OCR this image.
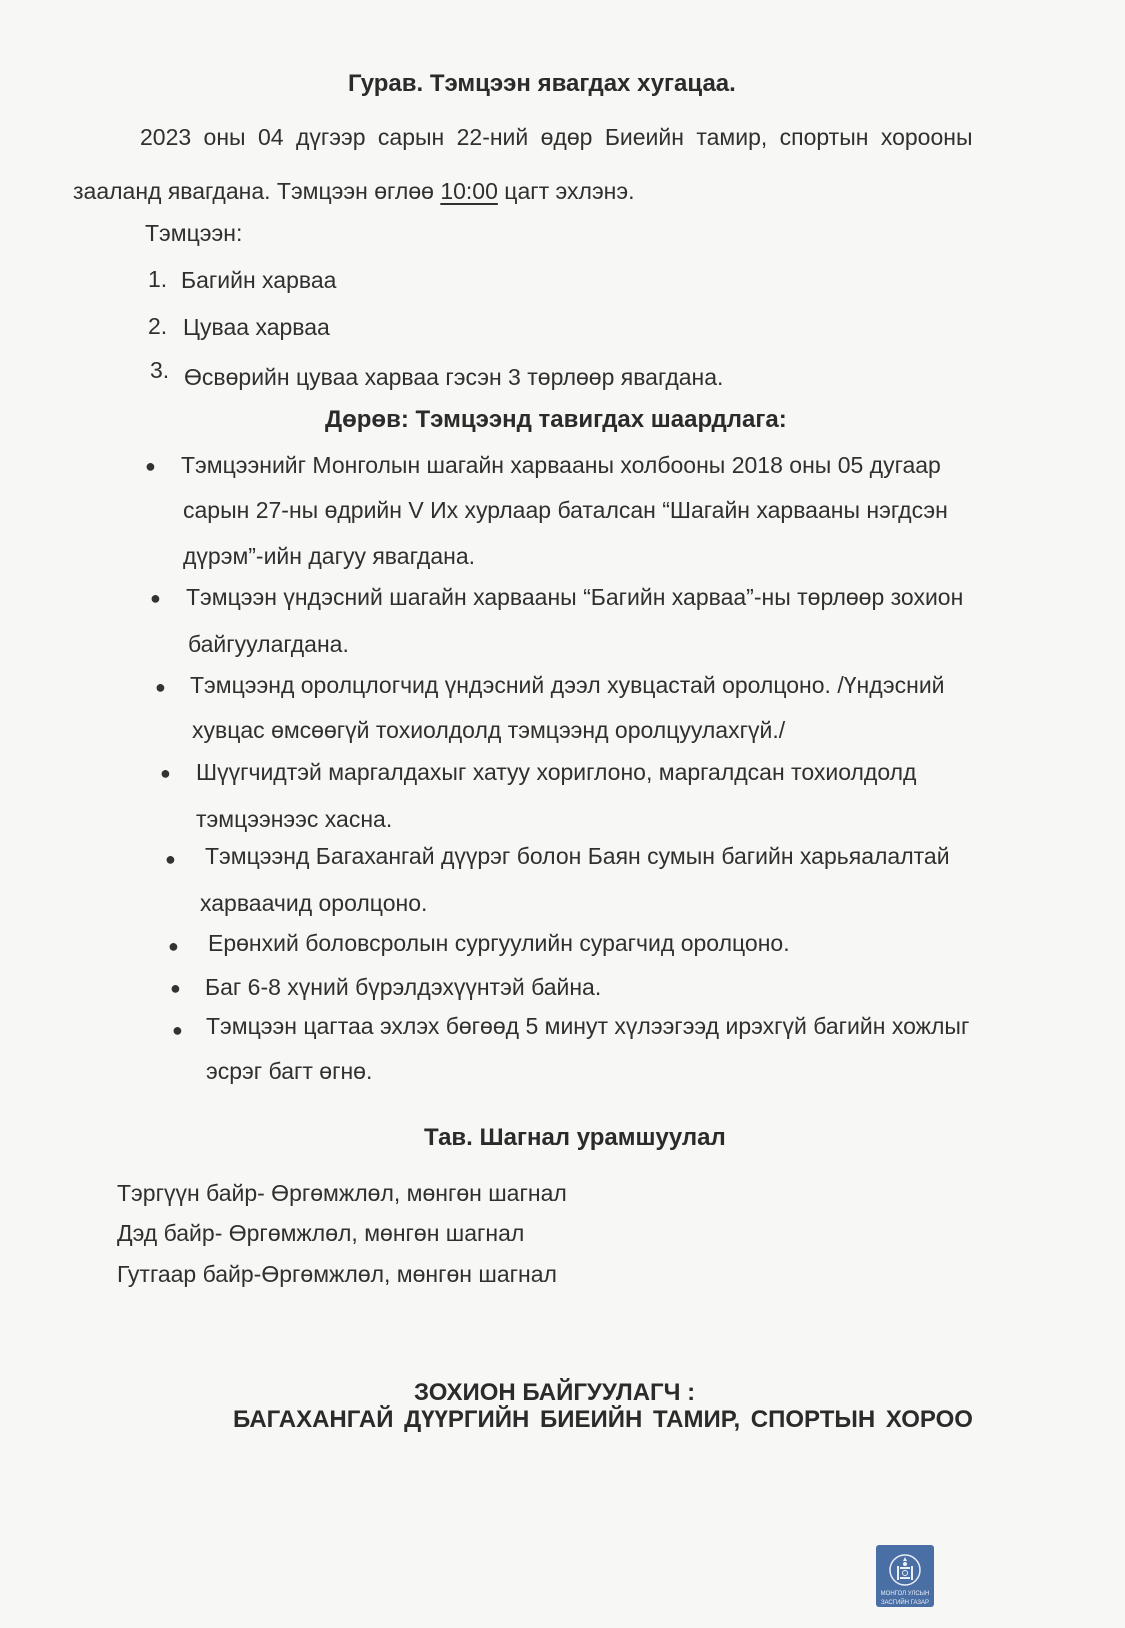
Гурав. Тэмцээн явагдах хугацаа.
2023 оны 04 дүгээр сарын 22-ний өдөр Биеийн тамир, спортын хорооны
зааланд явагдана. Тэмцээн өглөө 10:00 цагт эхлэнэ.
Тэмцээн:
1. Багийн харваа
2. Цуваа харваа
3. Өсвөрийн цуваа харваа гэсэн 3 төрлөөр явагдана.
Дөрөв: Тэмцээнд тавигдах шаардлага:
● Тэмцээнийг Монголын шагайн харвааны холбооны 2018 оны 05 дугаар
сарын 27-ны өдрийн V Их хурлаар баталсан “Шагайн харвааны нэгдсэн
дүрэм”-ийн дагуу явагдана.
● Тэмцээн үндэсний шагайн харвааны “Багийн харваа”-ны төрлөөр зохион
байгуулагдана.
● Тэмцээнд оролцлогчид үндэсний дээл хувцастай оролцоно. /Үндэсний
хувцас өмсөөгүй тохиолдолд тэмцээнд оролцуулахгүй./
● Шүүгчидтэй маргалдахыг хатуу хориглоно, маргалдсан тохиолдолд
тэмцээнээс хасна.
● Тэмцээнд Багахангай дүүрэг болон Баян сумын багийн харьяалалтай
харваачид оролцоно.
● Ерөнхий боловсролын сургуулийн сурагчид оролцоно.
● Баг 6-8 хүний бүрэлдэхүүнтэй байна.
● Тэмцээн цагтаа эхлэх бөгөөд 5 минут хүлээгээд ирэхгүй багийн хожлыг
эсрэг багт өгнө.
Тав. Шагнал урамшуулал
Тэргүүн байр- Өргөмжлөл, мөнгөн шагнал
Дэд байр- Өргөмжлөл, мөнгөн шагнал
Гутгаар байр-Өргөмжлөл, мөнгөн шагнал
ЗОХИОН БАЙГУУЛАГЧ :
БАГАХАНГАЙ ДҮҮРГИЙН БИЕИЙН ТАМИР, СПОРТЫН ХОРОО
МОНГОЛ УЛСЫН
ЗАСГИЙН ГАЗАР
